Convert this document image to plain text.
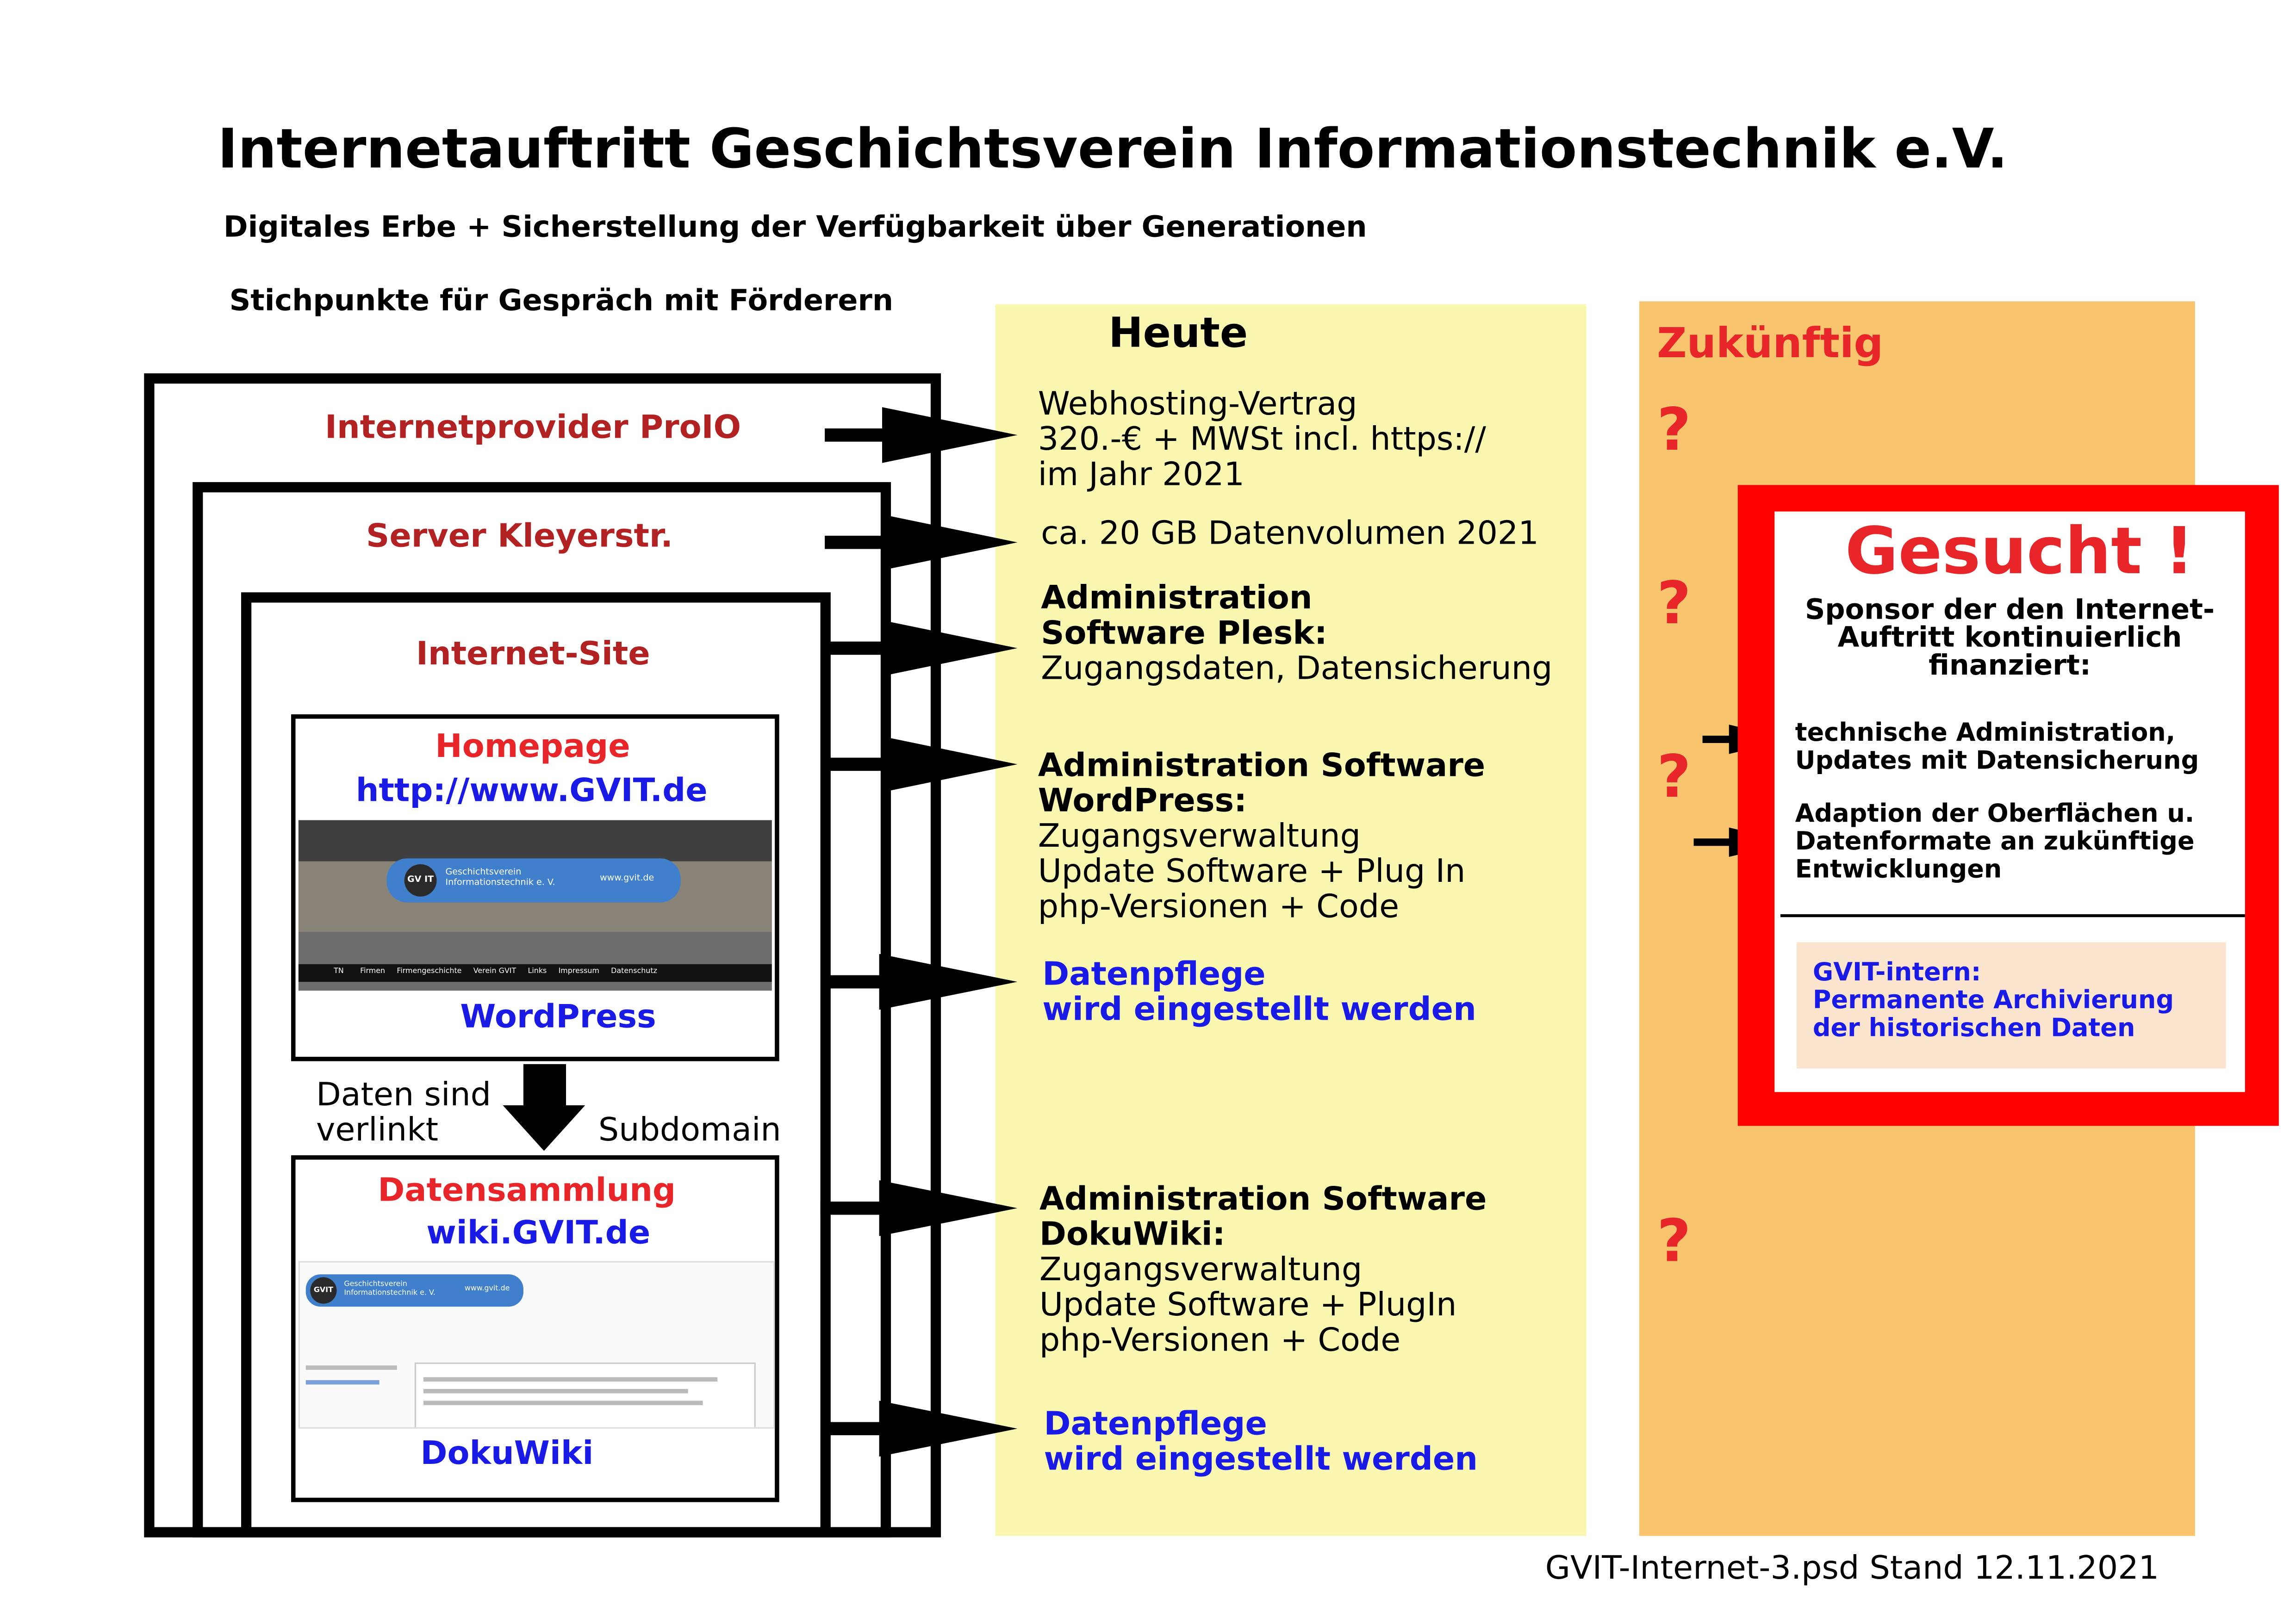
Internetauftritt Geschichtsverein Informationstechnik e.V.
Digitales Erbe + Sicherstellung der Verfügbarkeit über Generationen
Stichpunkte für Gespräch mit Förderern
Heute	Zukünftig
Internetprovider ProIO
Server Kleyerstr.
Internet-Site
Homepage
http://www.GVIT.de
GV IT
Geschichtsverein
Informationstechnik e. V.	www.gvit.de
TN	Firmen	Firmengeschichte	Verein GVIT	Links	Impressum	Datenschutz
WordPress
Daten sind
verlinkt	Subdomain
Datensammlung
wiki.GVIT.de
GVIT
Geschichtsverein
Informationstechnik e. V.	www.gvit.de
DokuWiki
Webhosting-Vertrag
320.-€ + MWSt incl. https://
im Jahr 2021
ca. 20 GB Datenvolumen 2021
Administration
Software Plesk:
Zugangsdaten, Datensicherung
Administration Software
WordPress:
Zugangsverwaltung
Update Software + Plug In
php-Versionen + Code
Datenpflege
wird eingestellt werden
Administration Software
DokuWiki:
Zugangsverwaltung
Update Software + PlugIn
php-Versionen + Code
Datenpflege
wird eingestellt werden
?
?
?
?
Gesucht !
Sponsor der den Internet-
Auftritt kontinuierlich
finanziert:
technische Administration,
Updates mit Datensicherung
Adaption der Oberflächen u.
Datenformate an zukünftige
Entwicklungen
GVIT-intern:
Permanente Archivierung
der historischen Daten
GVIT-Internet-3.psd Stand 12.11.2021
